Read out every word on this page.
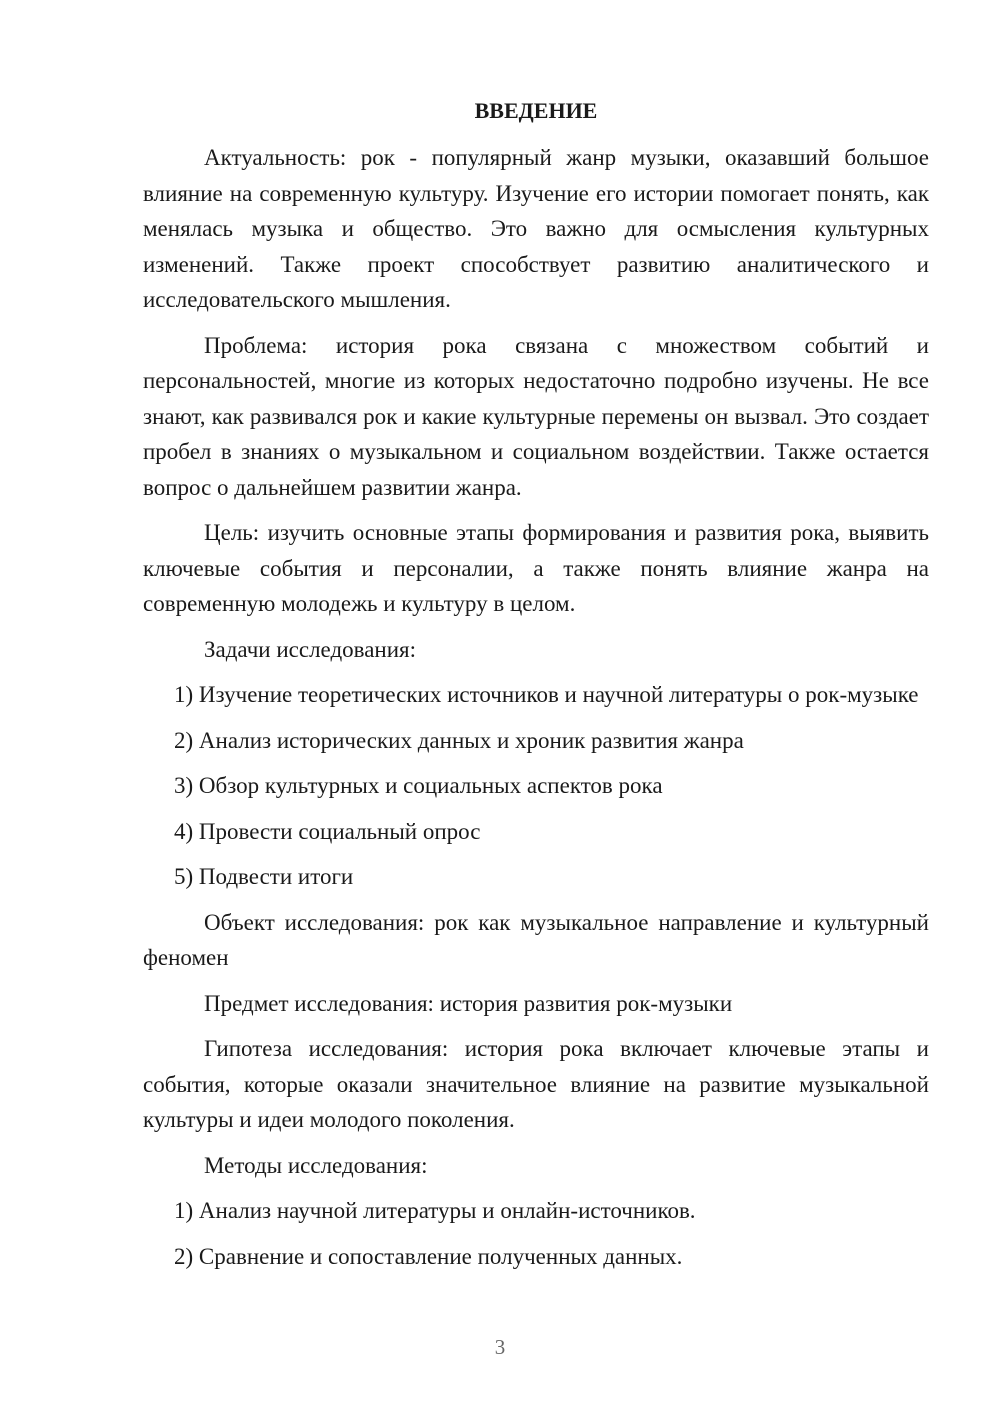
ВВЕДЕНИЕ

Актуальность: рок - популярный жанр музыки, оказавший большое влияние на современную культуру. Изучение его истории помогает понять, как менялась музыка и общество. Это важно для осмысления культурных изменений. Также проект способствует развитию аналитического и исследовательского мышления.

Проблема: история рока связана с множеством событий и персональностей, многие из которых недостаточно подробно изучены. Не все знают, как развивался рок и какие культурные перемены он вызвал. Это создает пробел в знаниях о музыкальном и социальном воздействии. Также остается вопрос о дальнейшем развитии жанра.

Цель: изучить основные этапы формирования и развития рока, выявить ключевые события и персоналии, а также понять влияние жанра на современную молодежь и культуру в целом.

Задачи исследования:

1) Изучение теоретических источников и научной литературы о рок-музыке

2) Анализ исторических данных и хроник развития жанра

3) Обзор культурных и социальных аспектов рока

4) Провести социальный опрос

5) Подвести итоги

Объект исследования: рок как музыкальное направление и культурный феномен

Предмет исследования: история развития рок-музыки

Гипотеза исследования: история рока включает ключевые этапы и события, которые оказали значительное влияние на развитие музыкальной культуры и идеи молодого поколения.

Методы исследования:

1) Анализ научной литературы и онлайн-источников.

2) Сравнение и сопоставление полученных данных.

3
